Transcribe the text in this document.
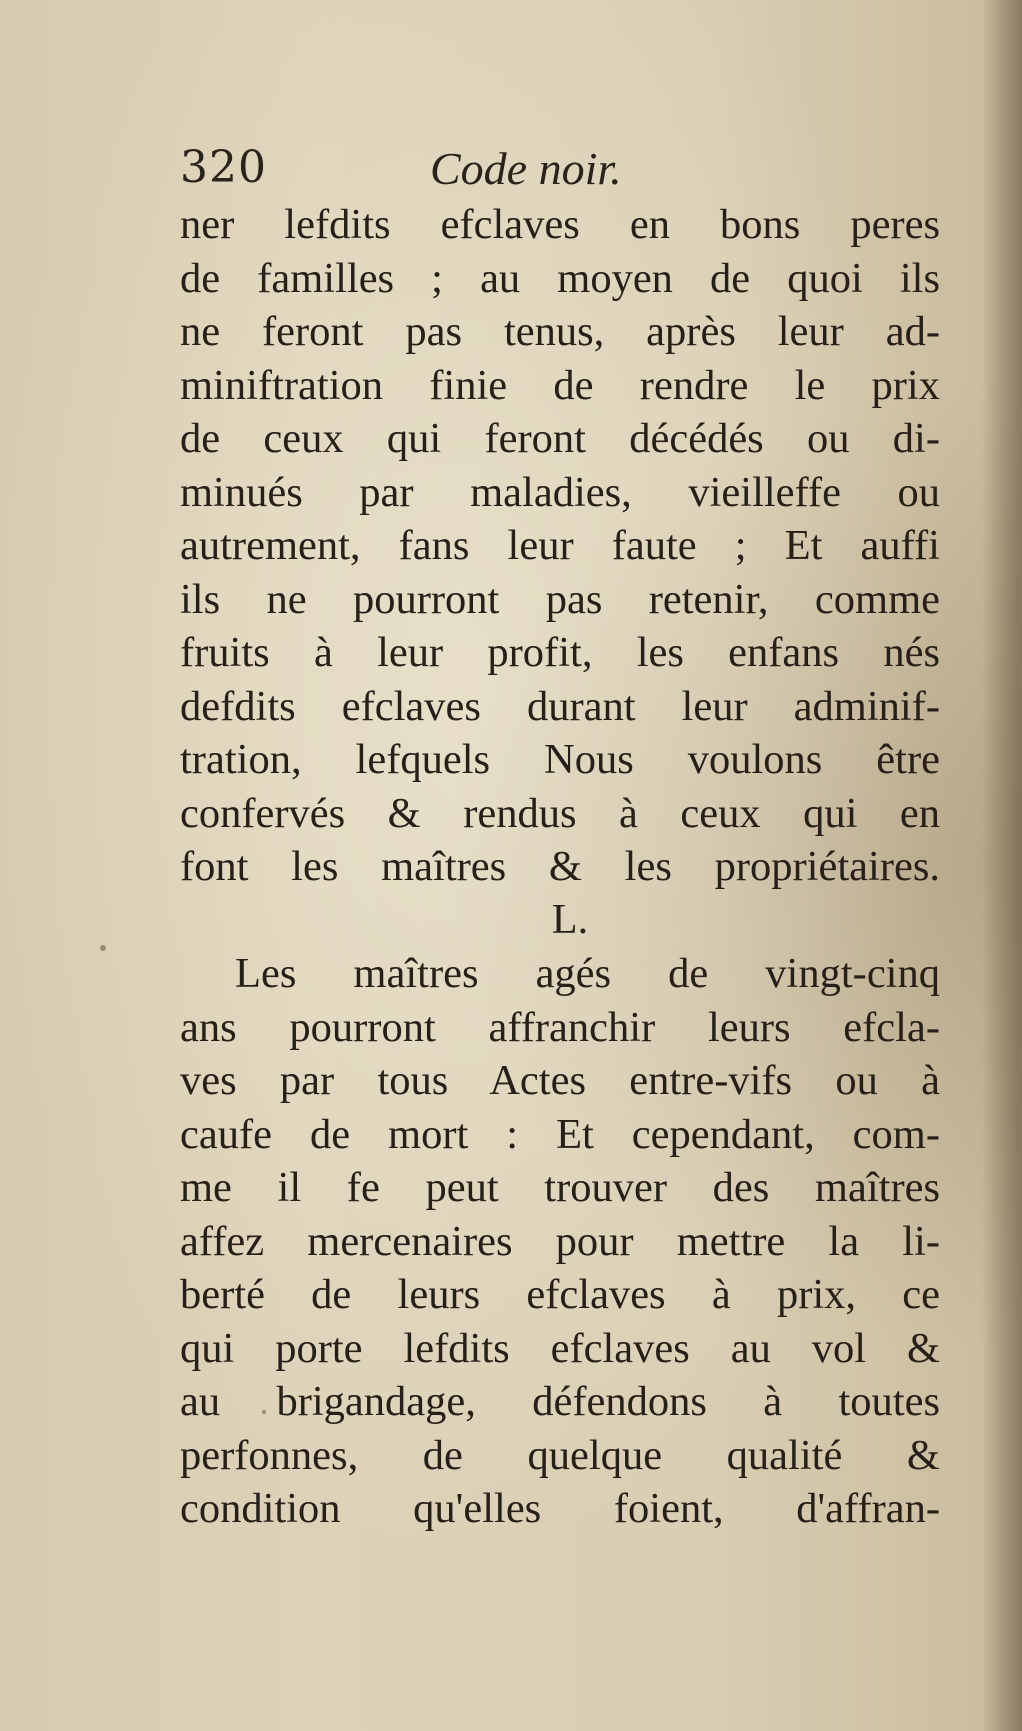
320	Code noir.
ner lefdits efclaves en bons peres
de familles ; au moyen de quoi ils
ne feront pas tenus, après leur ad-
miniftration finie de rendre le prix
de ceux qui feront décédés ou di-
minués par maladies, vieilleffe ou
autrement, fans leur faute ; Et auffi
ils ne pourront pas retenir, comme
fruits à leur profit, les enfans nés
defdits efclaves durant leur adminif-
tration, lefquels Nous voulons être
confervés & rendus à ceux qui en
font les maîtres & les propriétaires.
L.
Les maîtres agés de vingt-cinq
ans pourront affranchir leurs efcla-
ves par tous Actes entre-vifs ou à
caufe de mort : Et cependant, com-
me il fe peut trouver des maîtres
affez mercenaires pour mettre la li-
berté de leurs efclaves à prix, ce
qui porte lefdits efclaves au vol &
au brigandage, défendons à toutes
perfonnes, de quelque qualité &
condition qu'elles foient, d'affran-
